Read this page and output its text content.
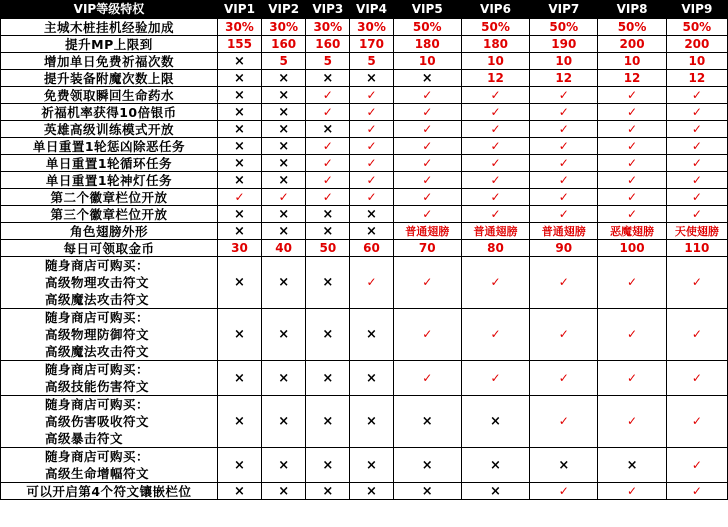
VIP等级特权	VIP1	VIP2	VIP3	VIP4	VIP5	VIP6	VIP7	VIP8	VIP9
主城木桩挂机经验加成	30%	30%	30%	30%	50%	50%	50%	50%	50%
提升MP上限到	155	160	160	170	180	180	190	200	200
增加单日免费祈福次数	×	5	5	5	10	10	10	10	10
提升装备附魔次数上限	×	×	×	×	×	12	12	12	12
免费领取瞬回生命药水	×	×	✓	✓	✓	✓	✓	✓	✓
祈福机率获得10倍银币	×	×	✓	✓	✓	✓	✓	✓	✓
英雄高级训练模式开放	×	×	×	✓	✓	✓	✓	✓	✓
单日重置1轮惩凶除恶任务	×	×	✓	✓	✓	✓	✓	✓	✓
单日重置1轮循环任务	×	×	✓	✓	✓	✓	✓	✓	✓
单日重置1轮神灯任务	×	×	✓	✓	✓	✓	✓	✓	✓
第二个徽章栏位开放	✓	✓	✓	✓	✓	✓	✓	✓	✓
第三个徽章栏位开放	×	×	×	×	✓	✓	✓	✓	✓
角色翅膀外形	×	×	×	×	普通翅膀	普通翅膀	普通翅膀	恶魔翅膀	天使翅膀
每日可领取金币	30	40	50	60	70	80	90	100	110

随身商店可购买：
高级物理攻击符文
高级魔法攻击符文	×	×	×	✓	✓	✓	✓	✓	✓

随身商店可购买：
高级物理防御符文
高级魔法攻击符文	×	×	×	×	✓	✓	✓	✓	✓

随身商店可购买：
高级技能伤害符文	×	×	×	×	✓	✓	✓	✓	✓

随身商店可购买：
高级伤害吸收符文
高级暴击符文	×	×	×	×	×	×	✓	✓	✓

随身商店可购买：
高级生命增幅符文	×	×	×	×	×	×	×	×	✓
可以开启第4个符文镶嵌栏位	×	×	×	×	×	×	✓	✓	✓
